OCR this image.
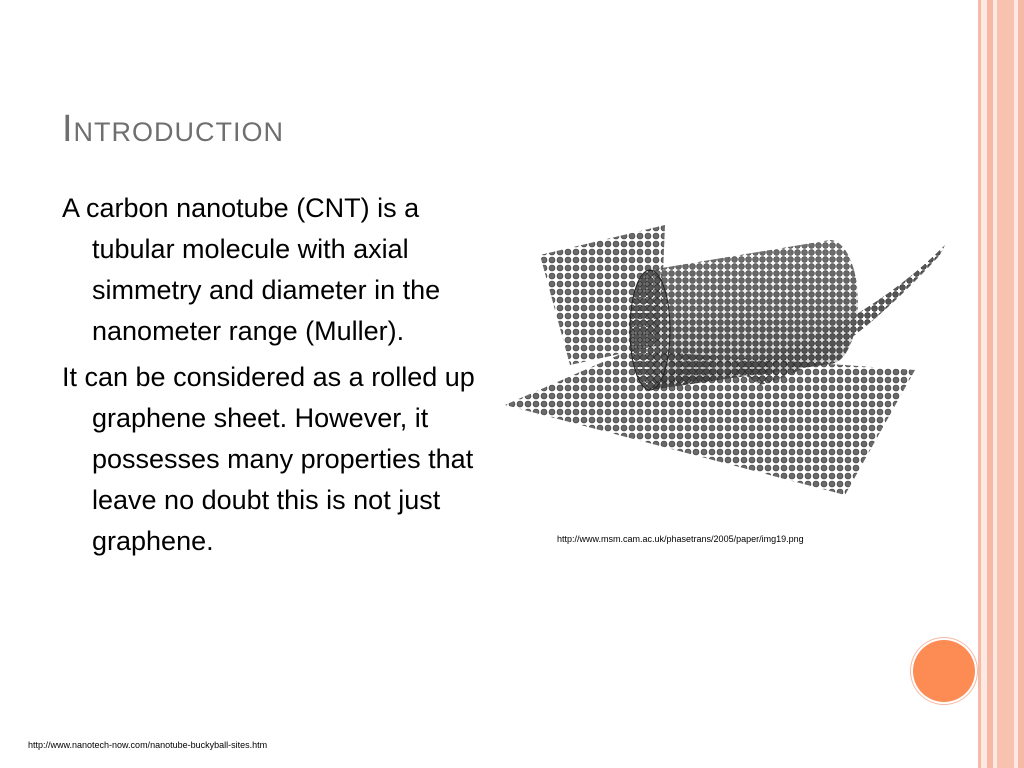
Introduction

A carbon nanotube (CNT) is a tubular molecule with axial simmetry and diameter in the nanometer range (Muller).

It can be considered as a rolled up graphene sheet. However, it possesses many properties that leave no doubt this is not just graphene.	http://www.msm.cam.ac.uk/phasetrans/2005/paper/img19.png
http://www.nanotech-now.com/nanotube-buckyball-sites.htm
